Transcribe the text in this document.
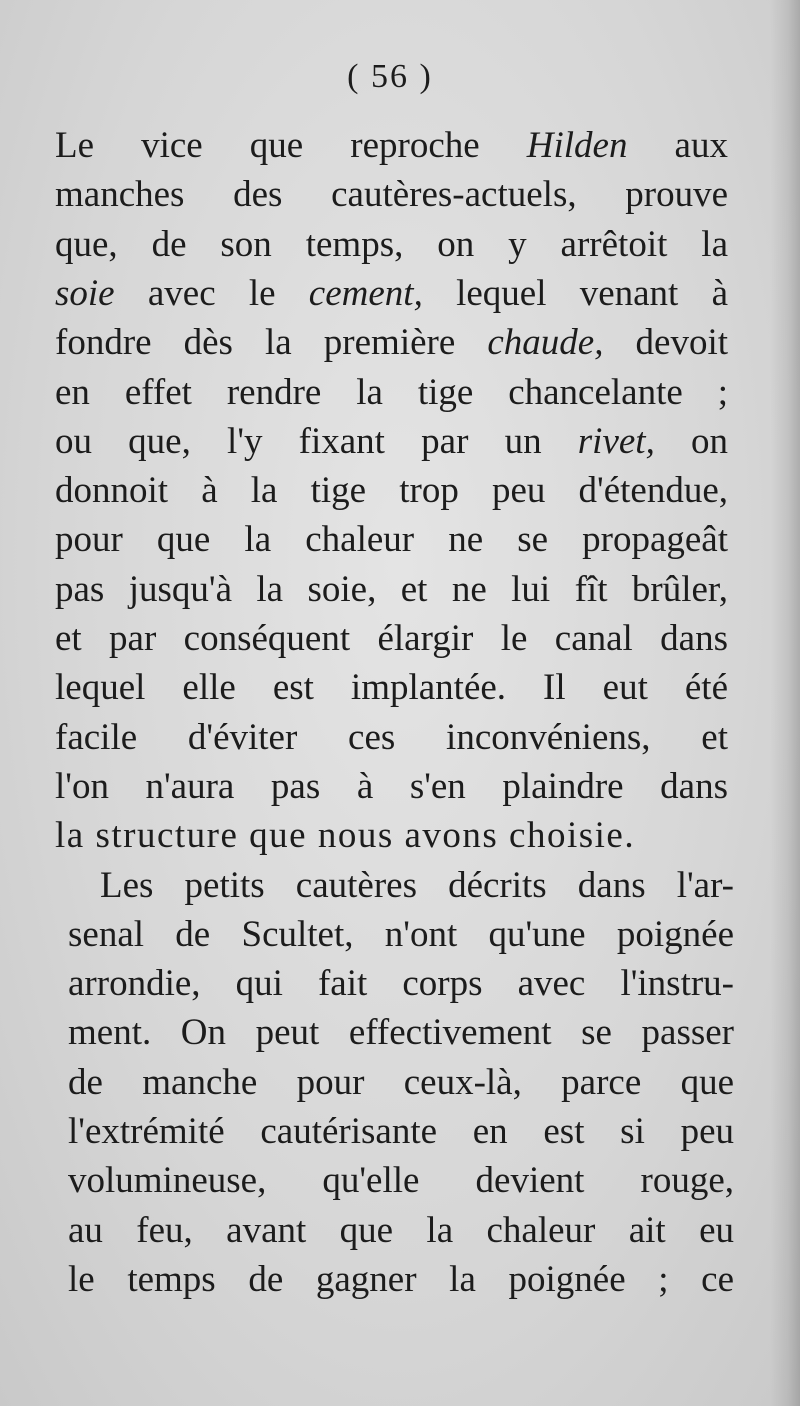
( 56 )
Le vice que reproche Hilden aux
manches des cautères-actuels, prouve
que, de son temps, on y arrêtoit la
soie avec le cement, lequel venant à
fondre dès la première chaude, devoit
en effet rendre la tige chancelante ;
ou que, l'y fixant par un rivet, on
donnoit à la tige trop peu d'étendue,
pour que la chaleur ne se propageât
pas jusqu'à la soie, et ne lui fît brûler,
et par conséquent élargir le canal dans
lequel elle est implantée. Il eut été
facile d'éviter ces inconvéniens, et
l'on n'aura pas à s'en plaindre dans
la structure que nous avons choisie.
Les petits cautères décrits dans l'ar-
senal de Scultet, n'ont qu'une poignée
arrondie, qui fait corps avec l'instru-
ment. On peut effectivement se passer
de manche pour ceux-là, parce que
l'extrémité cautérisante en est si peu
volumineuse, qu'elle devient rouge,
au feu, avant que la chaleur ait eu
le temps de gagner la poignée ; ce
